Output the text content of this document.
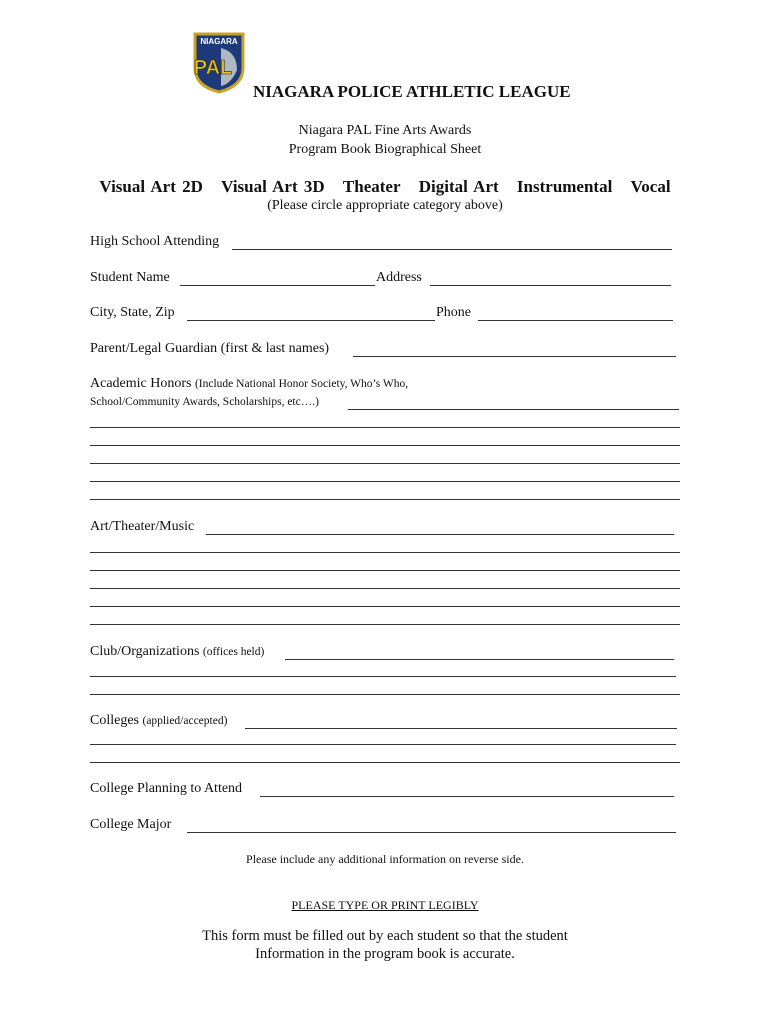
NIAGARA
PAL
NIAGARA POLICE ATHLETIC LEAGUE
Niagara PAL Fine Arts Awards
Program Book Biographical Sheet
Visual Art 2D Visual Art 3D Theater Digital Art Instrumental Vocal
(Please circle appropriate category above)
High School Attending
Student Name	Address
City, State, Zip	Phone
Parent/Legal Guardian (first & last names)
Academic Honors (Include National Honor Society, Who’s Who,
School/Community Awards, Scholarships, etc….)
Art/Theater/Music
Club/Organizations (offices held)
Colleges (applied/accepted)
College Planning to Attend
College Major
Please include any additional information on reverse side.
PLEASE TYPE OR PRINT LEGIBLY
This form must be filled out by each student so that the student
Information in the program book is accurate.
